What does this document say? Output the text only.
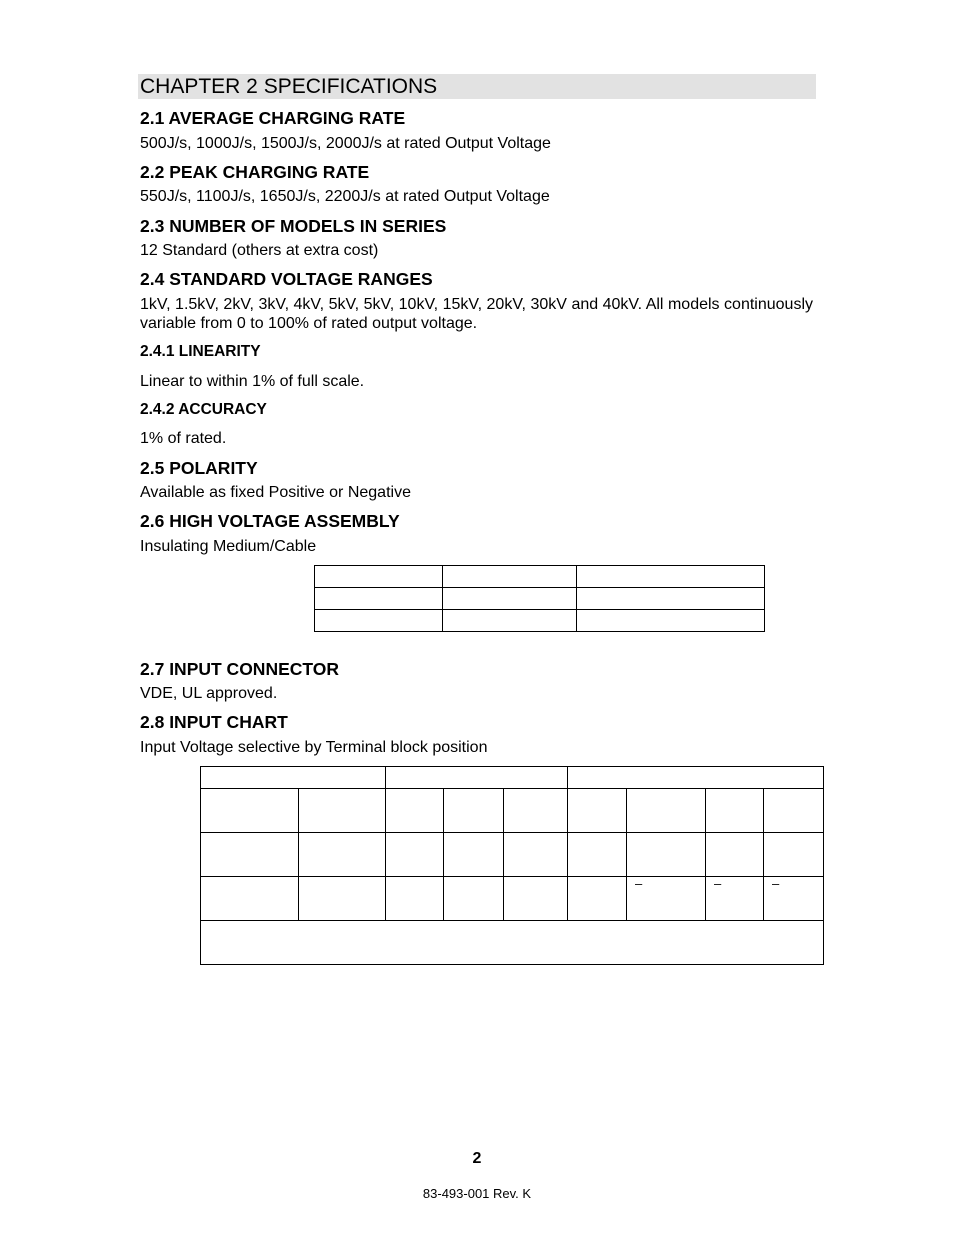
CHAPTER 2 SPECIFICATIONS
2.1 AVERAGE CHARGING RATE
500J/s, 1000J/s, 1500J/s, 2000J/s at rated Output Voltage
2.2 PEAK CHARGING RATE
550J/s, 1100J/s, 1650J/s, 2200J/s at rated Output Voltage
2.3 NUMBER OF MODELS IN SERIES
12 Standard (others at extra cost)
2.4 STANDARD VOLTAGE RANGES
1kV, 1.5kV, 2kV, 3kV, 4kV, 5kV, 5kV, 10kV, 15kV, 20kV, 30kV and 40kV. All models continuously variable from 0 to 100% of rated output voltage.
2.4.1 LINEARITY
Linear to within 1% of full scale.
2.4.2 ACCURACY
1% of rated.
2.5 POLARITY
Available as fixed Positive or Negative
2.6 HIGH VOLTAGE ASSEMBLY
Insulating Medium/Cable

2.7 INPUT CONNECTOR
VDE, UL approved.
2.8 INPUT CHART
Input Voltage selective by Terminal block position

						–	–	–

2
83-493-001 Rev. K
